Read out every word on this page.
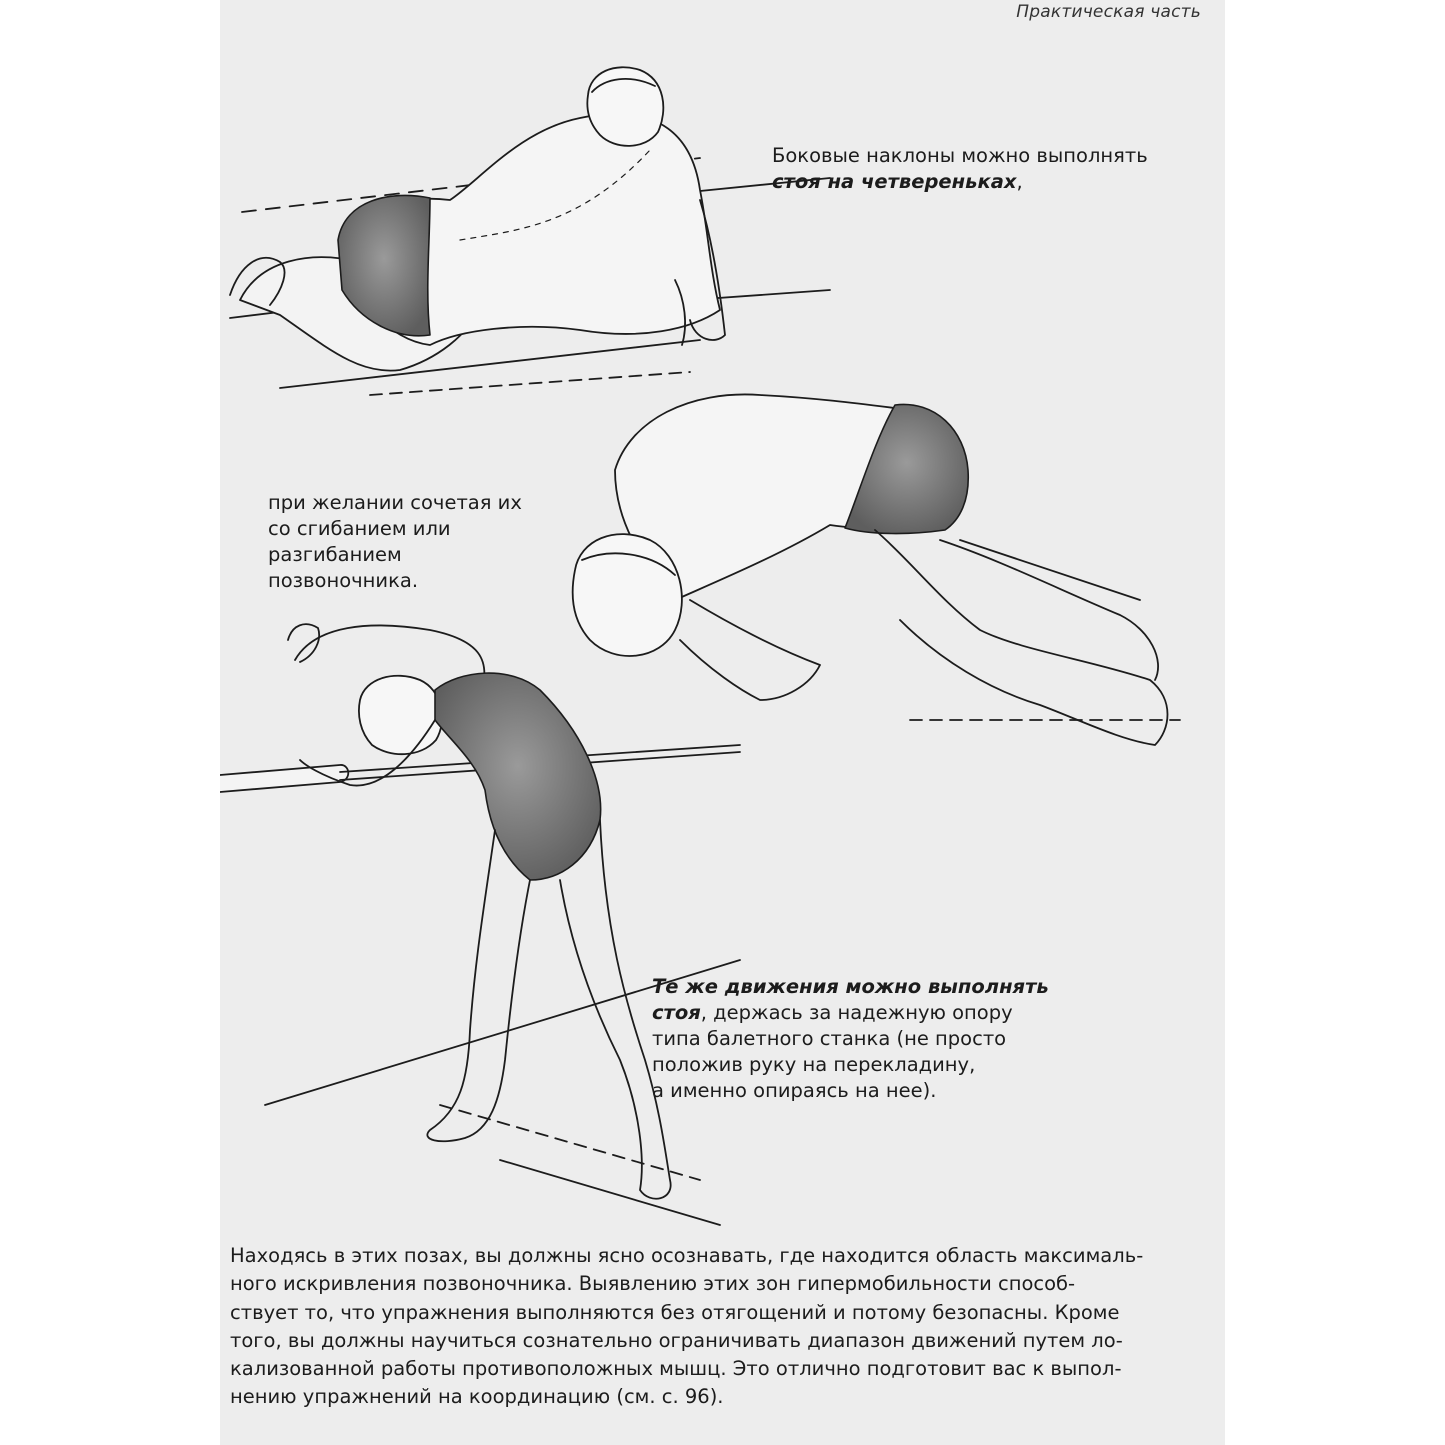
Практическая часть
Боковые наклоны можно выполнять
стоя на четвереньках,
при желании сочетая их
со сгибанием или разгибанием
позвоночника.
Те же движения можно выполнять
стоя, держась за надежную опору
типа балетного станка (не просто
положив руку на перекладину,
а именно опираясь на нее).
Находясь в этих позах, вы должны ясно осознавать, где находится область максималь-
ного искривления позвоночника. Выявлению этих зон гипермобильности способ-
ствует то, что упражнения выполняются без отягощений и потому безопасны. Кроме
того, вы должны научиться сознательно ограничивать диапазон движений путем ло-
кализованной работы противоположных мышц. Это отлично подготовит вас к выпол-
нению упражнений на координацию (см. с. 96).
